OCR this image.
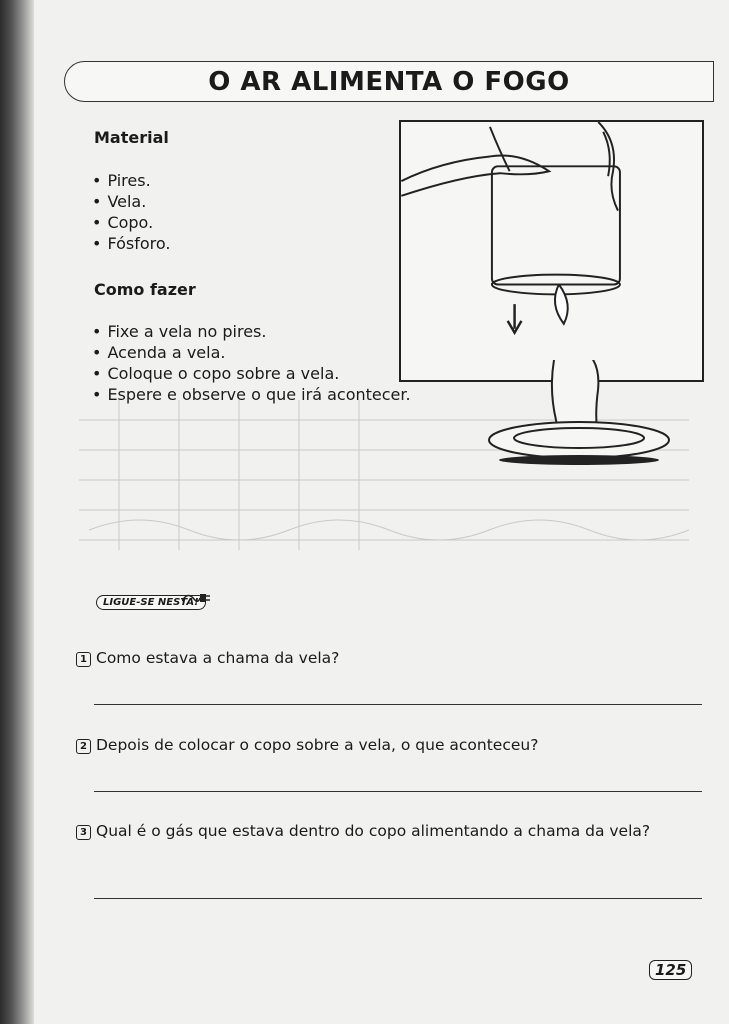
O AR ALIMENTA O FOGO
Material
• Pires.
• Vela.
• Copo.
• Fósforo.
Como fazer
• Fixe a vela no pires.
• Acenda a vela.
• Coloque o copo sobre a vela.
• Espere e observe o que irá acontecer.
LIGUE-SE NESTA!
1 Como estava a chama da vela?
2 Depois de colocar o copo sobre a vela, o que aconteceu?
3 Qual é o gás que estava dentro do copo alimentando a chama da vela?
125
